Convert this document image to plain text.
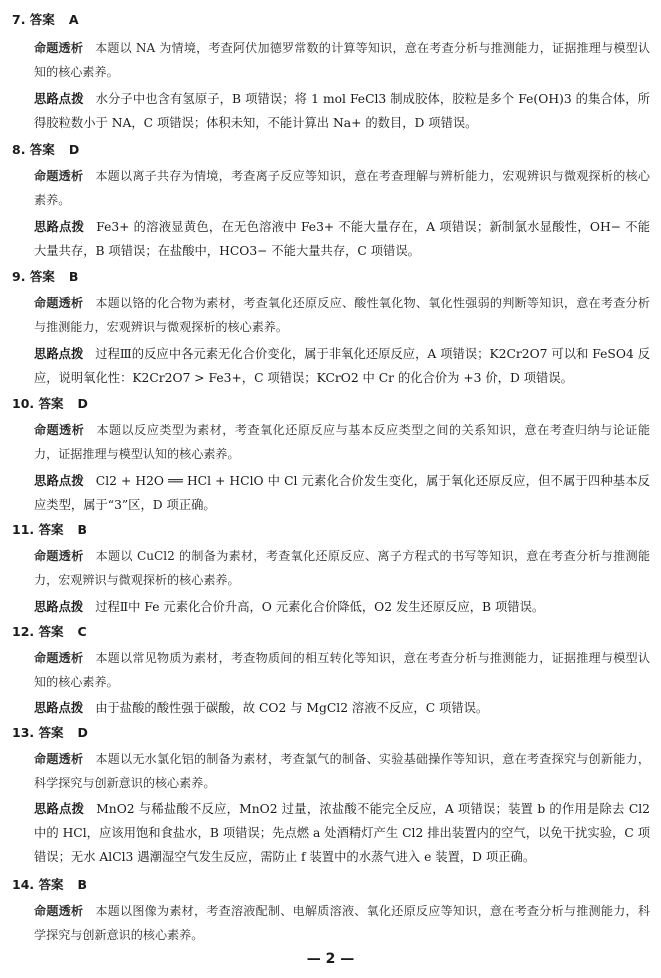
7. 答案 A
命题透析 本题以 NA 为情境，考查阿伏加德罗常数的计算等知识，意在考查分析与推测能力，证据推理与模型认知的核心素养。
思路点拨 水分子中也含有氢原子，B 项错误；将 1 mol FeCl3 制成胶体，胶粒是多个 Fe(OH)3 的集合体，所得胶粒数小于 NA，C 项错误；体积未知，不能计算出 Na+ 的数目，D 项错误。
8. 答案 D
命题透析 本题以离子共存为情境，考查离子反应等知识，意在考查理解与辨析能力，宏观辨识与微观探析的核心素养。
思路点拨 Fe3+ 的溶液显黄色，在无色溶液中 Fe3+ 不能大量存在，A 项错误；新制氯水显酸性，OH− 不能大量共存，B 项错误；在盐酸中，HCO3− 不能大量共存，C 项错误。
9. 答案 B
命题透析 本题以铬的化合物为素材，考查氧化还原反应、酸性氧化物、氧化性强弱的判断等知识，意在考查分析与推测能力，宏观辨识与微观探析的核心素养。
思路点拨 过程Ⅲ的反应中各元素无化合价变化，属于非氧化还原反应，A 项错误；K2Cr2O7 可以和 FeSO4 反应，说明氧化性：K2Cr2O7 > Fe3+，C 项错误；KCrO2 中 Cr 的化合价为 +3 价，D 项错误。
10. 答案 D
命题透析 本题以反应类型为素材，考查氧化还原反应与基本反应类型之间的关系知识，意在考查归纳与论证能力，证据推理与模型认知的核心素养。
思路点拨 Cl2 + H2O ══ HCl + HClO 中 Cl 元素化合价发生变化，属于氧化还原反应，但不属于四种基本反应类型，属于“3”区，D 项正确。
11. 答案 B
命题透析 本题以 CuCl2 的制备为素材，考查氧化还原反应、离子方程式的书写等知识，意在考查分析与推测能力，宏观辨识与微观探析的核心素养。
思路点拨 过程Ⅱ中 Fe 元素化合价升高，O 元素化合价降低，O2 发生还原反应，B 项错误。
12. 答案 C
命题透析 本题以常见物质为素材，考查物质间的相互转化等知识，意在考查分析与推测能力，证据推理与模型认知的核心素养。
思路点拨 由于盐酸的酸性强于碳酸，故 CO2 与 MgCl2 溶液不反应，C 项错误。
13. 答案 D
命题透析 本题以无水氯化铝的制备为素材，考查氯气的制备、实验基础操作等知识，意在考查探究与创新能力，科学探究与创新意识的核心素养。
思路点拨 MnO2 与稀盐酸不反应，MnO2 过量，浓盐酸不能完全反应，A 项错误；装置 b 的作用是除去 Cl2 中的 HCl，应该用饱和食盐水，B 项错误；先点燃 a 处酒精灯产生 Cl2 排出装置内的空气，以免干扰实验，C 项错误；无水 AlCl3 遇潮湿空气发生反应，需防止 f 装置中的水蒸气进入 e 装置，D 项正确。
14. 答案 B
命题透析 本题以图像为素材，考查溶液配制、电解质溶液、氧化还原反应等知识，意在考查分析与推测能力，科学探究与创新意识的核心素养。
— 2 —
